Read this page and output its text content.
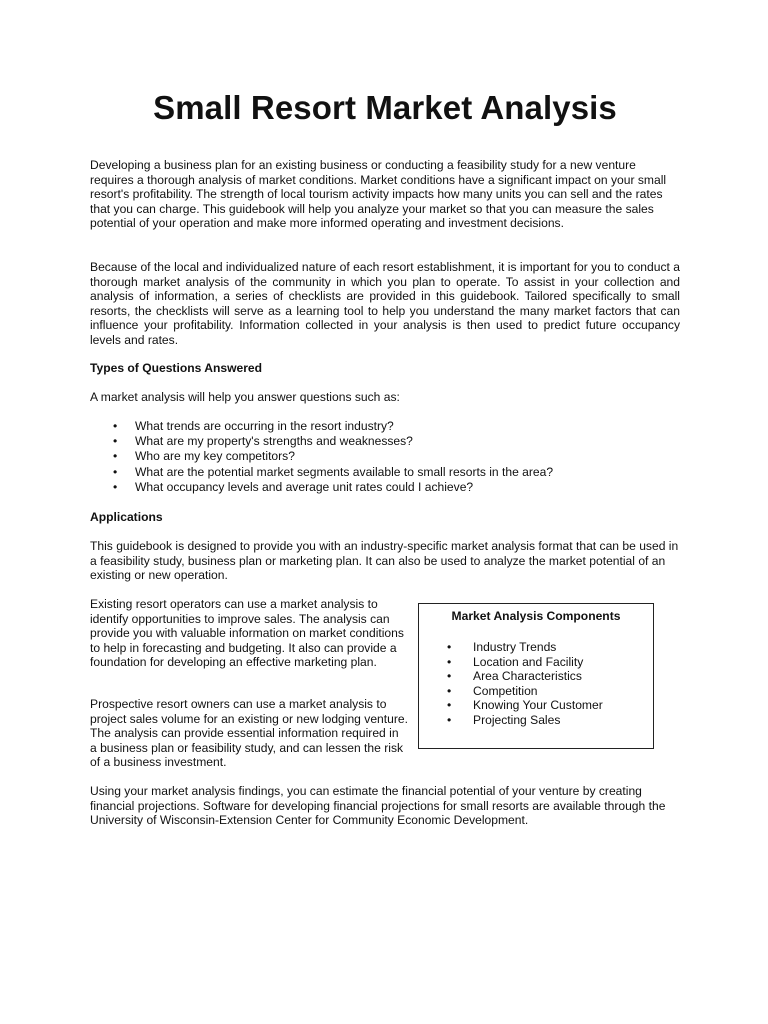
Small Resort Market Analysis

Developing a business plan for an existing business or conducting a feasibility study for a new venture requires a thorough analysis of market conditions. Market conditions have a significant impact on your small resort's profitability. The strength of local tourism activity impacts how many units you can sell and the rates that you can charge. This guidebook will help you analyze your market so that you can measure the sales potential of your operation and make more informed operating and investment decisions.

Because of the local and individualized nature of each resort establishment, it is important for you to conduct a thorough market analysis of the community in which you plan to operate. To assist in your collection and analysis of information, a series of checklists are provided in this guidebook. Tailored specifically to small resorts, the checklists will serve as a learning tool to help you understand the many market factors that can influence your profitability. Information collected in your analysis is then used to predict future occupancy levels and rates.

Types of Questions Answered

A market analysis will help you answer questions such as:

• What trends are occurring in the resort industry?
• What are my property's strengths and weaknesses?
• Who are my key competitors?
• What are the potential market segments available to small resorts in the area?
• What occupancy levels and average unit rates could I achieve?

Applications

This guidebook is designed to provide you with an industry-specific market analysis format that can be used in a feasibility study, business plan or marketing plan. It can also be used to analyze the market potential of an existing or new operation.

Existing resort operators can use a market analysis to identify opportunities to improve sales. The analysis can provide you with valuable information on market conditions to help in forecasting and budgeting. It also can provide a foundation for developing an effective marketing plan.

Prospective resort owners can use a market analysis to project sales volume for an existing or new lodging venture. The analysis can provide essential information required in a business plan or feasibility study, and can lessen the risk of a business investment.

Market Analysis Components

• Industry Trends
• Location and Facility
• Area Characteristics
• Competition
• Knowing Your Customer
• Projecting Sales

Using your market analysis findings, you can estimate the financial potential of your venture by creating financial projections. Software for developing financial projections for small resorts are available through the University of Wisconsin-Extension Center for Community Economic Development.
